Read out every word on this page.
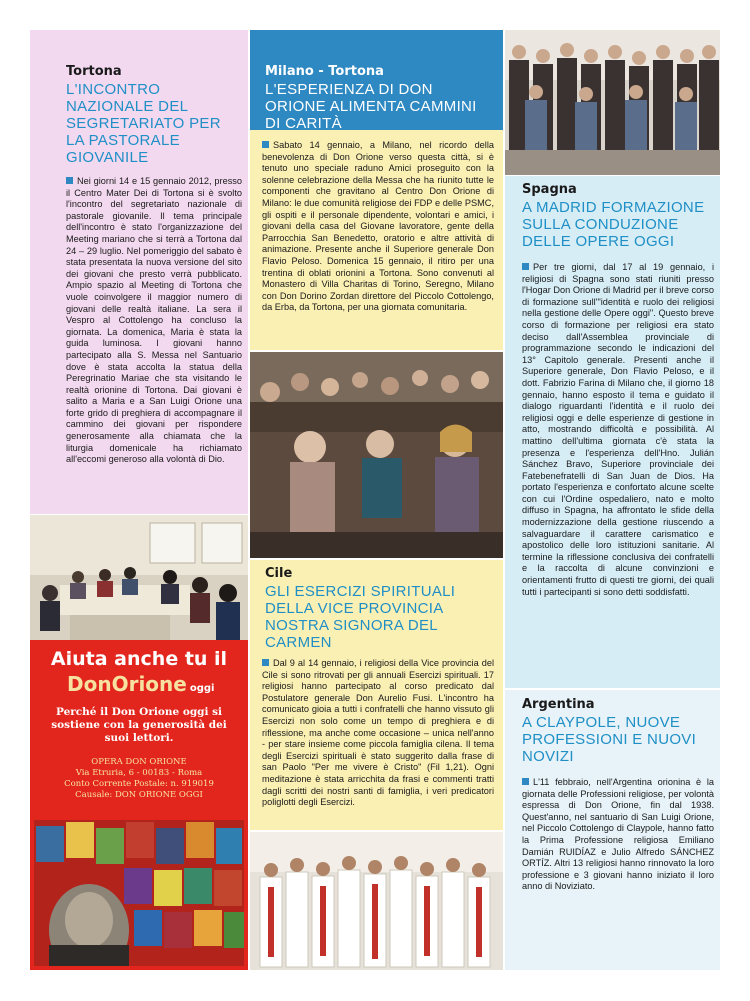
Tortona
L'INCONTRO NAZIONALE DEL SEGRETARIATO PER LA PASTORALE GIOVANILE
Nei giorni 14 e 15 gennaio 2012, presso il Centro Mater Dei di Tortona si è svolto l'incontro del segretariato nazionale di pastorale giovanile. Il tema principale dell'incontro è stato l'organizzazione del Meeting mariano che si terrà a Tortona dal 24 – 29 luglio. Nel pomeriggio del sabato è stata presentata la nuova versione del sito dei giovani che presto verrà pubblicato. Ampio spazio al Meeting di Tortona che vuole coinvolgere il maggior numero di giovani delle realtà italiane. La sera il Vespro al Cottolengo ha concluso la giornata. La domenica, Maria è stata la guida luminosa. I giovani hanno partecipato alla S. Messa nel Santuario dove è stata accolta la statua della Peregrinatio Mariae che sta visitando le realtà orionine di Tortona. Dai giovani è salito a Maria e a San Luigi Orione una forte grido di preghiera di accompagnare il cammino dei giovani per rispondere generosamente alla chiamata che la liturgia domenicale ha richiamato all'eccomi generoso alla volontà di Dio.
Aiuta anche tu il
DonOrione oggi
Perché il Don Orione oggi si sostiene con la generosità dei suoi lettori.
OPERA DON ORIONE
Via Etruria, 6 - 00183 - Roma
Conto Corrente Postale: n. 919019
Causale: DON ORIONE OGGI
Milano - Tortona
L'ESPERIENZA DI DON ORIONE ALIMENTA CAMMINI DI CARITÀ
Sabato 14 gennaio, a Milano, nel ricordo della benevolenza di Don Orione verso questa città, si è tenuto uno speciale raduno Amici proseguito con la solenne celebrazione della Messa che ha riunito tutte le componenti che gravitano al Centro Don Orione di Milano: le due comunità religiose dei FDP e delle PSMC, gli ospiti e il personale dipendente, volontari e amici, i giovani della casa del Giovane lavoratore, gente della Parrocchia San Benedetto, oratorio e altre attività di animazione. Presente anche il Superiore generale Don Flavio Peloso. Domenica 15 gennaio, il ritiro per una trentina di oblati orionini a Tortona. Sono convenuti al Monastero di Villa Charitas di Torino, Seregno, Milano con Don Dorino Zordan direttore del Piccolo Cottolengo, da Erba, da Tortona, per una giornata comunitaria.
Cile
GLI ESERCIZI SPIRITUALI DELLA VICE PROVINCIA NOSTRA SIGNORA DEL CARMEN
Dal 9 al 14 gennaio, i religiosi della Vice provincia del Cile si sono ritrovati per gli annuali Esercizi spirituali. 17 religiosi hanno partecipato al corso predicato dal Postulatore generale Don Aurelio Fusi. L'incontro ha comunicato gioia a tutti i confratelli che hanno vissuto gli Esercizi non solo come un tempo di preghiera e di riflessione, ma anche come occasione – unica nell'anno - per stare insieme come piccola famiglia cilena. Il tema degli Esercizi spirituali è stato suggerito dalla frase di san Paolo "Per me vivere è Cristo" (Fil 1,21). Ogni meditazione è stata arricchita da frasi e commenti tratti dagli scritti dei nostri santi di famiglia, i veri predicatori poliglotti degli Esercizi.
Spagna
A MADRID FORMAZIONE SULLA CONDUZIONE DELLE OPERE OGGI
Per tre giorni, dal 17 al 19 gennaio, i religiosi di Spagna sono stati riuniti presso l'Hogar Don Orione di Madrid per il breve corso di formazione sull'"identità e ruolo dei religiosi nella gestione delle Opere oggi". Questo breve corso di formazione per religiosi era stato deciso dall'Assemblea provinciale di programmazione secondo le indicazioni del 13° Capitolo generale. Presenti anche il Superiore generale, Don Flavio Peloso, e il dott. Fabrizio Farina di Milano che, il giorno 18 gennaio, hanno esposto il tema e guidato il dialogo riguardanti l'identità e il ruolo dei religiosi oggi e delle esperienze di gestione in atto, mostrando difficoltà e possibilità. Al mattino dell'ultima giornata c'è stata la presenza e l'esperienza dell'Hno. Julián Sánchez Bravo, Superiore provinciale dei Fatebenefratelli di San Juan de Dios. Ha portato l'esperienza e confortato alcune scelte con cui l'Ordine ospedaliero, nato e molto diffuso in Spagna, ha affrontato le sfide della modernizzazione della gestione riuscendo a salvaguardare il carattere carismatico e apostolico delle loro istituzioni sanitarie. Al termine la riflessione conclusiva dei confratelli e la raccolta di alcune convinzioni e orientamenti frutto di questi tre giorni, dei quali tutti i partecipanti si sono detti soddisfatti.
Argentina
A CLAYPOLE, NUOVE PROFESSIONI E NUOVI NOVIZI
L'11 febbraio, nell'Argentina orionina è la giornata delle Professioni religiose, per volontà espressa di Don Orione, fin dal 1938. Quest'anno, nel santuario di San Luigi Orione, nel Piccolo Cottolengo di Claypole, hanno fatto la Prima Professione religiosa Emiliano Damián RUIDÍAZ e Julio Alfredo SÁNCHEZ ORTÍZ. Altri 13 religiosi hanno rinnovato la loro professione e 3 giovani hanno iniziato il loro anno di Noviziato.
